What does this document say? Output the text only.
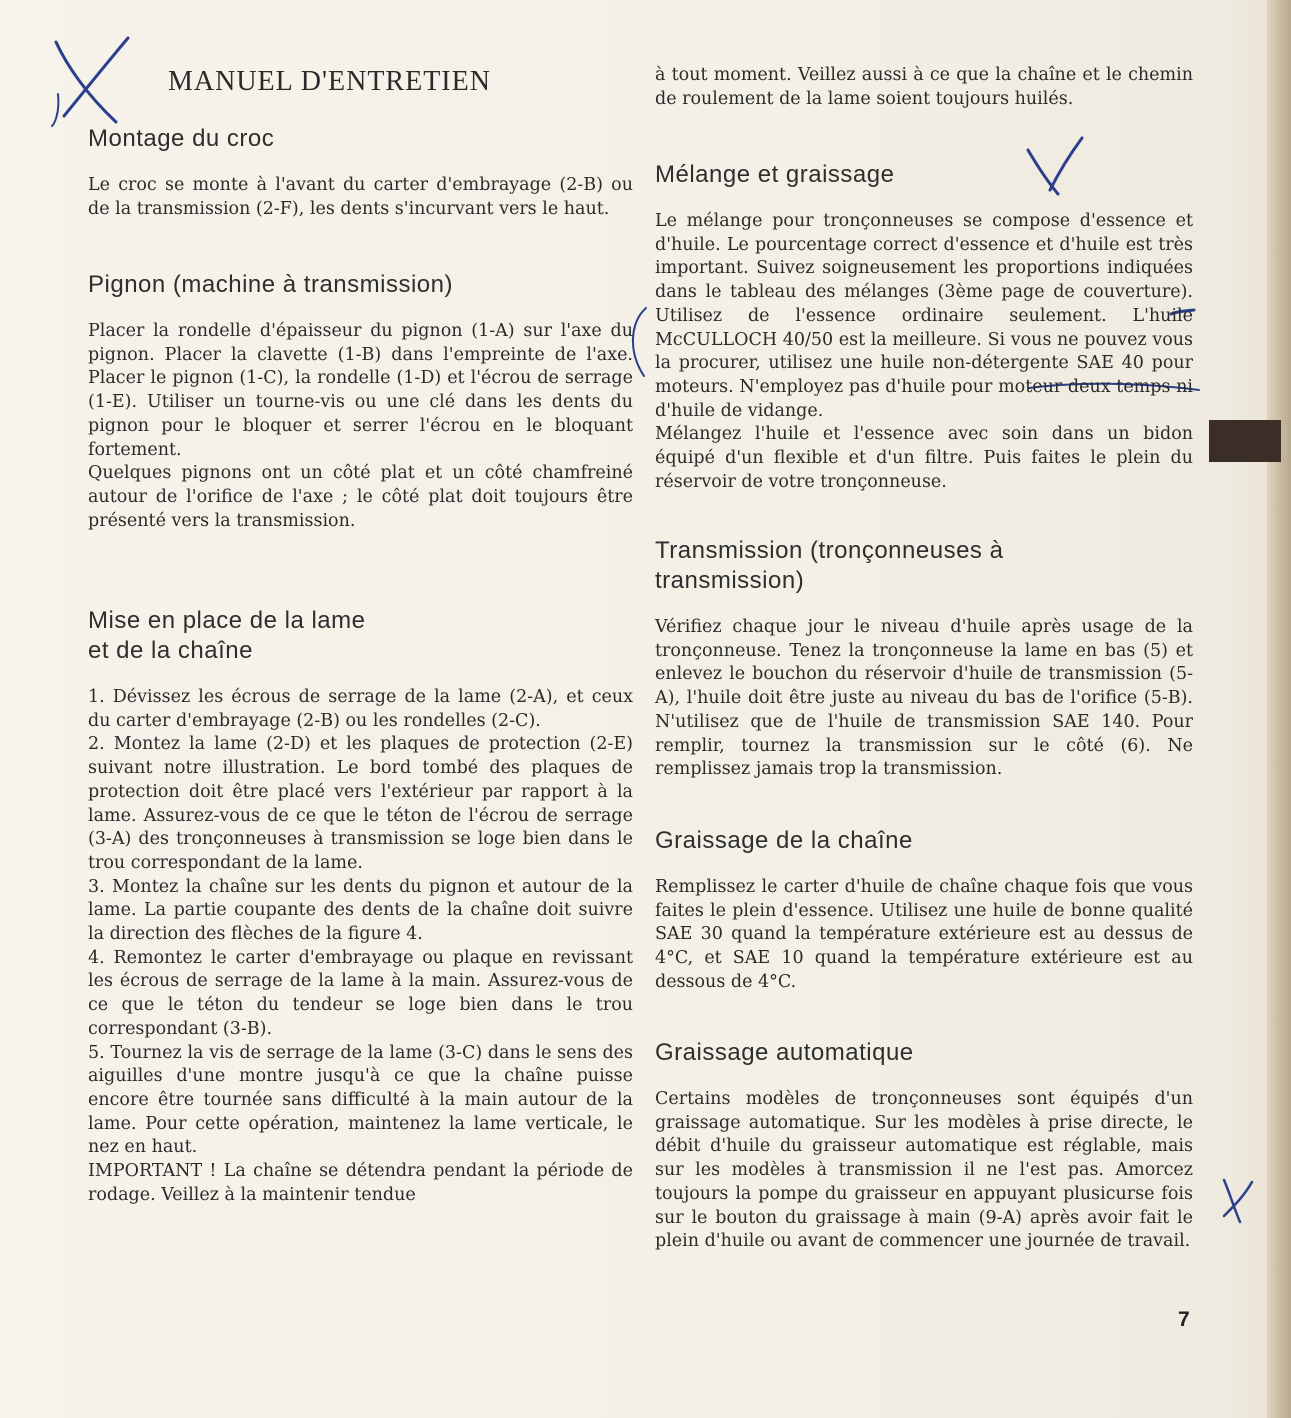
MANUEL D'ENTRETIEN
Montage du croc

Le croc se monte à l'avant du carter d'embrayage (2-B) ou de la transmission (2-F), les dents s'incurvant vers le haut.

Pignon (machine à transmission)

Placer la rondelle d'épaisseur du pignon (1-A) sur l'axe du pignon. Placer la clavette (1-B) dans l'empreinte de l'axe. Placer le pignon (1-C), la rondelle (1-D) et l'écrou de serrage (1-E). Utiliser un tourne-vis ou une clé dans les dents du pignon pour le bloquer et serrer l'écrou en le bloquant fortement.

Quelques pignons ont un côté plat et un côté chamfreiné autour de l'orifice de l'axe ; le côté plat doit toujours être présenté vers la transmission.

Mise en place de la lame
et de la chaîne

1. Dévissez les écrous de serrage de la lame (2-A), et ceux du carter d'embrayage (2-B) ou les rondelles (2-C).

2. Montez la lame (2-D) et les plaques de protection (2-E) suivant notre illustration. Le bord tombé des plaques de protection doit être placé vers l'extérieur par rapport à la lame. Assurez-vous de ce que le téton de l'écrou de serrage (3-A) des tronçonneuses à transmission se loge bien dans le trou correspondant de la lame.

3. Montez la chaîne sur les dents du pignon et autour de la lame. La partie coupante des dents de la chaîne doit suivre la direction des flèches de la figure 4.

4. Remontez le carter d'embrayage ou plaque en revissant les écrous de serrage de la lame à la main. Assurez-vous de ce que le téton du tendeur se loge bien dans le trou correspondant (3-B).

5. Tournez la vis de serrage de la lame (3-C) dans le sens des aiguilles d'une montre jusqu'à ce que la chaîne puisse encore être tournée sans difficulté à la main autour de la lame. Pour cette opération, maintenez la lame verticale, le nez en haut.

IMPORTANT ! La chaîne se détendra pendant la période de rodage. Veillez à la maintenir tendue

à tout moment. Veillez aussi à ce que la chaîne et le chemin de roulement de la lame soient toujours huilés.

Mélange et graissage

Le mélange pour tronçonneuses se compose d'essence et d'huile. Le pourcentage correct d'essence et d'huile est très important. Suivez soigneusement les proportions indiquées dans le tableau des mélanges (3ème page de couverture). Utilisez de l'essence ordinaire seulement. L'huile McCULLOCH 40/50 est la meilleure. Si vous ne pouvez vous la procurer, utilisez une huile non-détergente SAE 40 pour moteurs. N'employez pas d'huile pour moteur deux temps ni d'huile de vidange.

Mélangez l'huile et l'essence avec soin dans un bidon équipé d'un flexible et d'un filtre. Puis faites le plein du réservoir de votre tronçonneuse.

Transmission (tronçonneuses à
transmission)

Vérifiez chaque jour le niveau d'huile après usage de la tronçonneuse. Tenez la tronçonneuse la lame en bas (5) et enlevez le bouchon du réservoir d'huile de transmission (5-A), l'huile doit être juste au niveau du bas de l'orifice (5-B). N'utilisez que de l'huile de transmission SAE 140. Pour remplir, tournez la transmission sur le côté (6). Ne remplissez jamais trop la transmission.

Graissage de la chaîne

Remplissez le carter d'huile de chaîne chaque fois que vous faites le plein d'essence. Utilisez une huile de bonne qualité SAE 30 quand la température extérieure est au dessus de 4°C, et SAE 10 quand la température extérieure est au dessous de 4°C.

Graissage automatique

Certains modèles de tronçonneuses sont équipés d'un graissage automatique. Sur les modèles à prise directe, le débit d'huile du graisseur automatique est réglable, mais sur les modèles à transmission il ne l'est pas. Amorcez toujours la pompe du graisseur en appuyant plusicurse fois sur le bouton du graissage à main (9-A) après avoir fait le plein d'huile ou avant de commencer une journée de travail.

7
